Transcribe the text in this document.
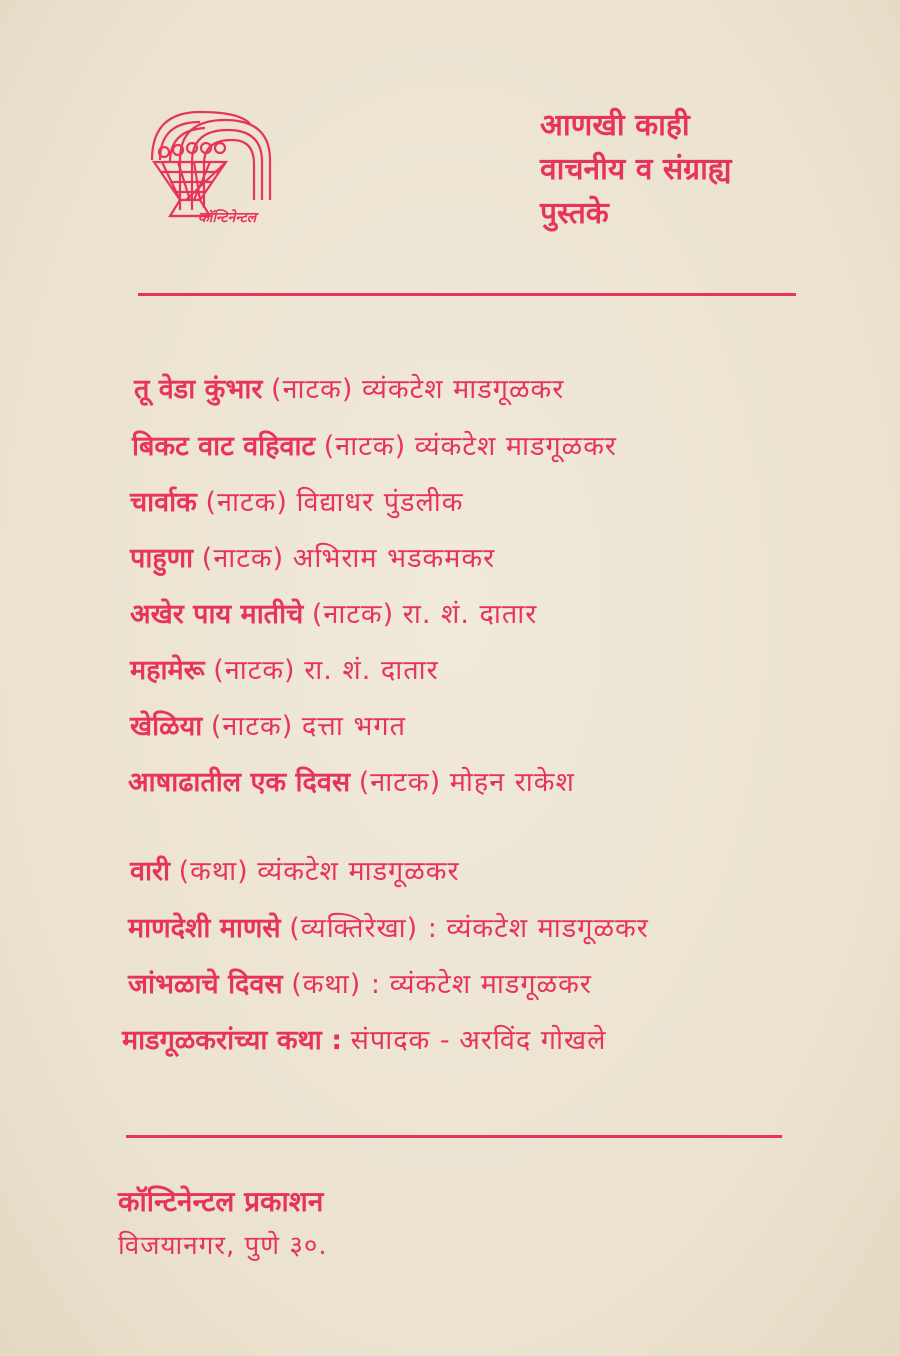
कॉन्टिनेन्टल
आणखी काही
वाचनीय व संग्राह्य
पुस्तके
तू वेडा कुंभार (नाटक) व्यंकटेश माडगूळकर
बिकट वाट वहिवाट (नाटक) व्यंकटेश माडगूळकर
चार्वाक (नाटक) विद्याधर पुंडलीक
पाहुणा (नाटक) अभिराम भडकमकर
अखेर पाय मातीचे (नाटक) रा. शं. दातार
महामेरू (नाटक) रा. शं. दातार
खेळिया (नाटक) दत्ता भगत
आषाढातील एक दिवस (नाटक) मोहन राकेश
वारी (कथा) व्यंकटेश माडगूळकर
माणदेशी माणसे (व्यक्तिरेखा) : व्यंकटेश माडगूळकर
जांभळाचे दिवस (कथा) : व्यंकटेश माडगूळकर
माडगूळकरांच्या कथा : संपादक - अरविंद गोखले
कॉन्टिनेन्टल प्रकाशन
विजयानगर, पुणे ३०.
